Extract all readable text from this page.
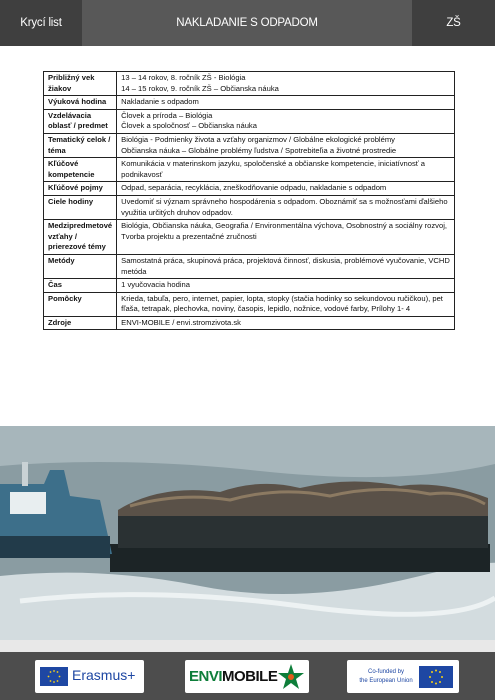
Krycí list	NAKLADANIE S ODPADOM	ZŠ
Približný vek žiakov	13 – 14 rokov, 8. ročník ZŠ - Biológia
14 – 15 rokov, 9. ročník ZŠ – Občianska náuka

Výuková hodina	Nakladanie s odpadom

Vzdelávacia oblasť / predmet	Človek a príroda – Biológia
Človek a spoločnosť – Občianska náuka

Tematický celok / téma	Biológia - Podmienky života a vzťahy organizmov / Globálne ekologické problémy
Občianska náuka – Globálne problémy ľudstva / Spotrebiteľia a životné prostredie

Kľúčové kompetencie	Komunikácia v materinskom jazyku, spoločenské a občianske kompetencie, iniciatívnosť a
podnikavosť

Kľúčové pojmy	Odpad, separácia, recyklácia, zneškodňovanie odpadu, nakladanie s odpadom

Ciele hodiny	Uvedomiť si význam správneho hospodárenia s odpadom. Oboznámiť sa s možnosťami ďalšieho
využitia určitých druhov odpadov.

Medzipredmetové vzťahy / prierezové témy	Biológia, Občianska náuka, Geografia / Environmentálna výchova, Osobnostný a sociálny rozvoj,
Tvorba projektu a prezentačné zručnosti

Metódy	Samostatná práca, skupinová práca, projektová činnosť, diskusia, problémové vyučovanie, VCHD
metóda

Čas	1 vyučovacia hodina

Pomôcky	Krieda, tabuľa, pero, internet, papier, lopta, stopky (stačia hodinky so sekundovou ručičkou), pet
fľaša, tetrapak, plechovka, noviny, časopis, lepidlo, nožnice, vodové farby, Prílohy 1- 4

Zdroje	ENVI-MOBILE / envi.stromzivota.sk
Erasmus+	ENVIMOBILE	Co-funded by
the European Union
